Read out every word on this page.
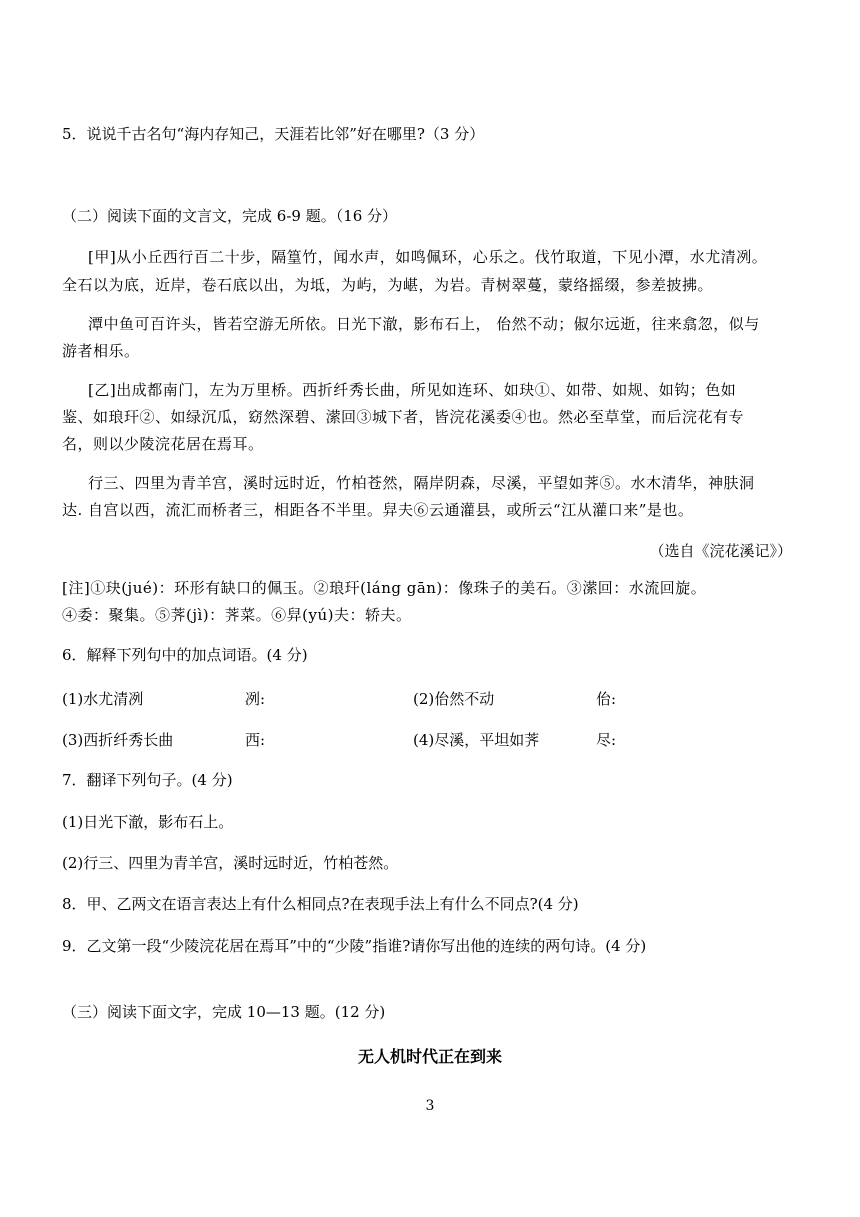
5．说说千古名句“海内存知己，天涯若比邻”好在哪里?（3 分）
（二）阅读下面的文言文，完成 6-9 题。（16 分）
[甲]从小丘西行百二十步，隔篁竹，闻水声，如鸣佩环，心乐之。伐竹取道，下见小潭，水尤清冽。
全石以为底，近岸，卷石底以出，为坻，为屿，为嵁，为岩。青树翠蔓，蒙络摇缀，参差披拂。
潭中鱼可百许头，皆若空游无所依。日光下澈，影布石上， 佁然不动；俶尔远逝，往来翕忽，似与
游者相乐。
[乙]出成都南门，左为万里桥。西折纤秀长曲，所见如连环、如玦①、如带、如规、如钩；色如
鉴、如琅玕②、如绿沉瓜，窈然深碧、潆回③城下者，皆浣花溪委④也。然必至草堂，而后浣花有专
名，则以少陵浣花居在焉耳。
行三、四里为青羊宫，溪时远时近，竹柏苍然，隔岸阴森，尽溪，平望如荠⑤。水木清华，神肤洞
达. 自宫以西，流汇而桥者三，相距各不半里。舁夫⑥云通灌县，或所云“江从灌口来”是也。
（选自《浣花溪记》）
[注]①玦(jué)：环形有缺口的佩玉。②琅玕(láng gān)：像珠子的美石。③潆回：水流回旋。
④委：聚集。⑤荠(jì)：荠菜。⑥舁(yú)夫：轿夫。
6．解释下列句中的加点词语。(4 分)
(1)水尤清冽	冽:	(2)佁然不动	佁:
(3)西折纤秀长曲	西:	(4)尽溪，平坦如荠	尽:
7．翻译下列句子。(4 分)
(1)日光下澈，影布石上。
(2)行三、四里为青羊宫，溪时远时近，竹柏苍然。
8．甲、乙两文在语言表达上有什么相同点?在表现手法上有什么不同点?(4 分)
9．乙文第一段“少陵浣花居在焉耳”中的“少陵”指谁?请你写出他的连续的两句诗。(4 分)
（三）阅读下面文字，完成 10—13 题。(12 分)
无人机时代正在到来
3
